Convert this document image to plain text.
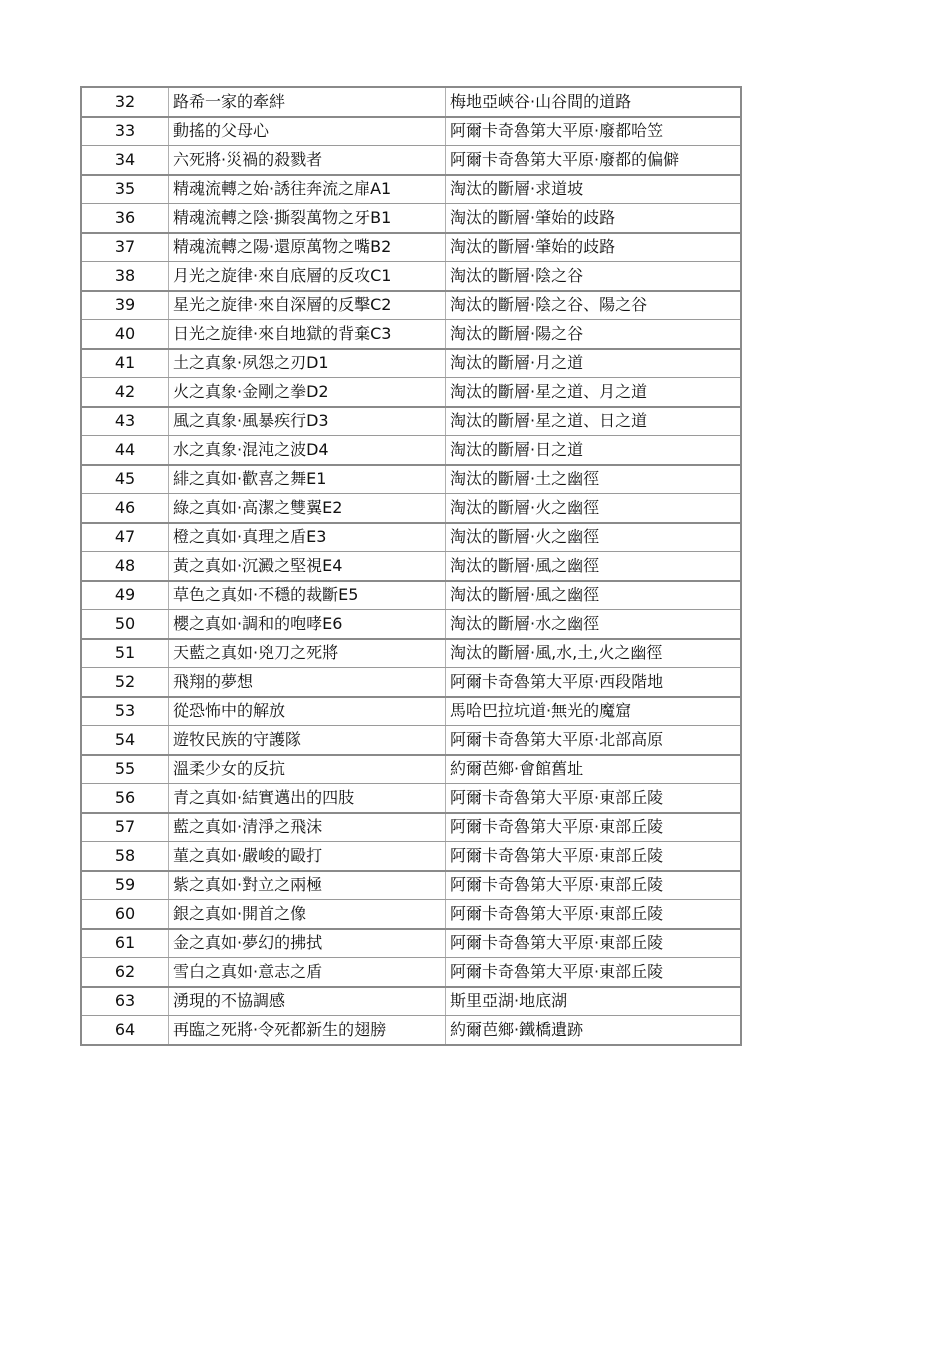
32	路希一家的牽絆	梅地亞峽谷·山谷間的道路
33	動搖的父母心	阿爾卡奇魯第大平原·廢都哈笠
34	六死將·災禍的殺戮者	阿爾卡奇魯第大平原·廢都的偏僻
35	精魂流轉之始·誘往奔流之扉A1	淘汰的斷層·求道坡
36	精魂流轉之陰·撕裂萬物之牙B1	淘汰的斷層·肇始的歧路
37	精魂流轉之陽·還原萬物之嘴B2	淘汰的斷層·肇始的歧路
38	月光之旋律·來自底層的反攻C1	淘汰的斷層·陰之谷
39	星光之旋律·來自深層的反擊C2	淘汰的斷層·陰之谷、陽之谷
40	日光之旋律·來自地獄的背棄C3	淘汰的斷層·陽之谷
41	土之真象·夙怨之刃D1	淘汰的斷層·月之道
42	火之真象·金剛之拳D2	淘汰的斷層·星之道、月之道
43	風之真象·風暴疾行D3	淘汰的斷層·星之道、日之道
44	水之真象·混沌之波D4	淘汰的斷層·日之道
45	緋之真如·歡喜之舞E1	淘汰的斷層·土之幽徑
46	綠之真如·高潔之雙翼E2	淘汰的斷層·火之幽徑
47	橙之真如·真理之盾E3	淘汰的斷層·火之幽徑
48	黃之真如·沉澱之堅視E4	淘汰的斷層·風之幽徑
49	草色之真如·不穩的裁斷E5	淘汰的斷層·風之幽徑
50	櫻之真如·調和的咆哮E6	淘汰的斷層·水之幽徑
51	天藍之真如·兇刀之死將	淘汰的斷層·風,水,土,火之幽徑
52	飛翔的夢想	阿爾卡奇魯第大平原·西段階地
53	從恐怖中的解放	馬哈巴拉坑道·無光的魔窟
54	遊牧民族的守護隊	阿爾卡奇魯第大平原·北部高原
55	溫柔少女的反抗	約爾芭鄉·會館舊址
56	青之真如·結實邁出的四肢	阿爾卡奇魯第大平原·東部丘陵
57	藍之真如·清淨之飛沫	阿爾卡奇魯第大平原·東部丘陵
58	菫之真如·嚴峻的毆打	阿爾卡奇魯第大平原·東部丘陵
59	紫之真如·對立之兩極	阿爾卡奇魯第大平原·東部丘陵
60	銀之真如·開首之像	阿爾卡奇魯第大平原·東部丘陵
61	金之真如·夢幻的拂拭	阿爾卡奇魯第大平原·東部丘陵
62	雪白之真如·意志之盾	阿爾卡奇魯第大平原·東部丘陵
63	湧現的不協調感	斯里亞湖·地底湖
64	再臨之死將·令死都新生的翅膀	約爾芭鄉·鐵橋遺跡
